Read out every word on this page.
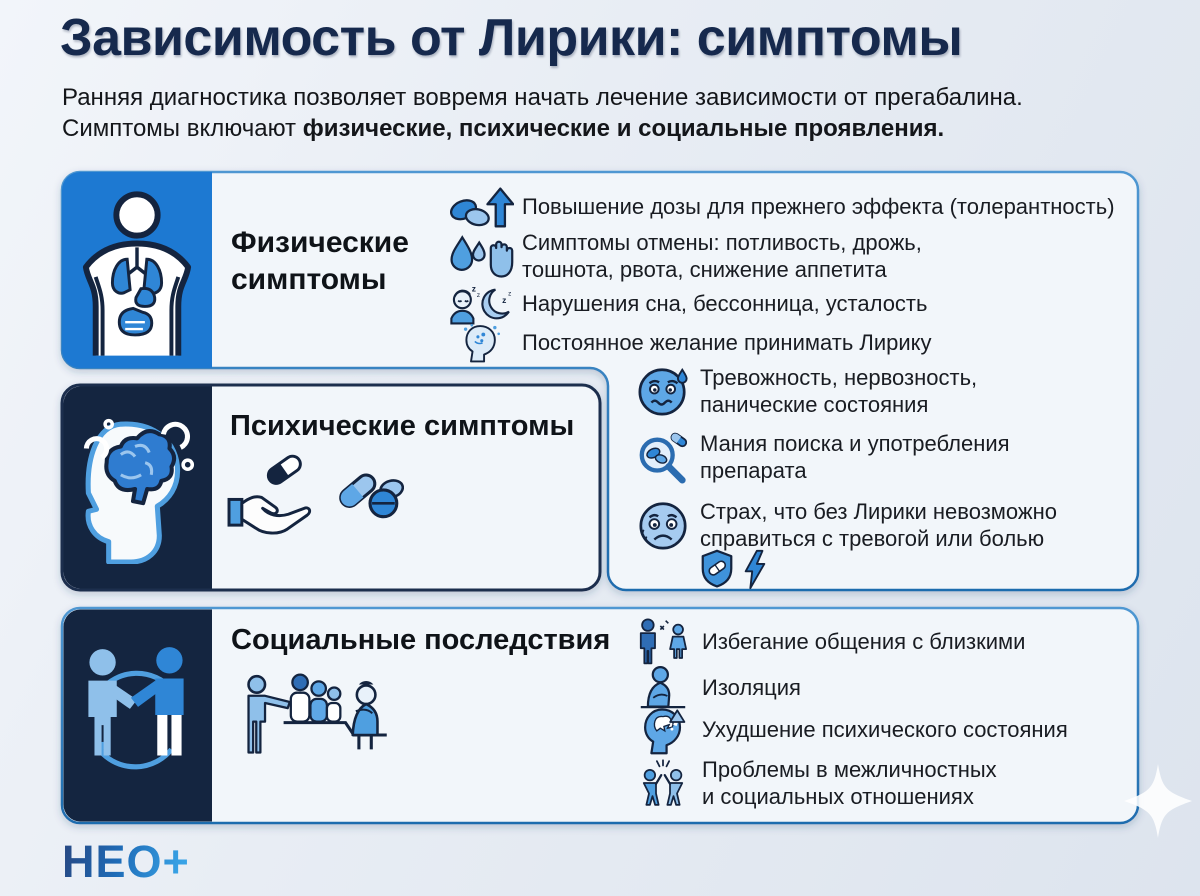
Зависимость от Лирики: симптомы

Ранняя диагностика позволяет вовремя начать лечение зависимости от прегабалина.
Симптомы включают физические, психические и социальные проявления.

Физические симптомы
Повышение дозы для прежнего эффекта (толерантность)
Симптомы отмены: потливость, дрожь,
тошнота, рвота, снижение аппетита
z
z z
z Нарушения сна, бессонница, усталость
Постоянное желание принимать Лирику
Психические симптомы
Тревожность, нервозность,
панические состояния
Мания поиска и употребления
препарата
Страх, что без Лирики невозможно
справиться с тревогой или болью
Социальные последствия	Избегание общения с близкими
Изоляция
Ухудшение психического состояния
Проблемы в межличностных
и социальных отношениях
НЕО+
